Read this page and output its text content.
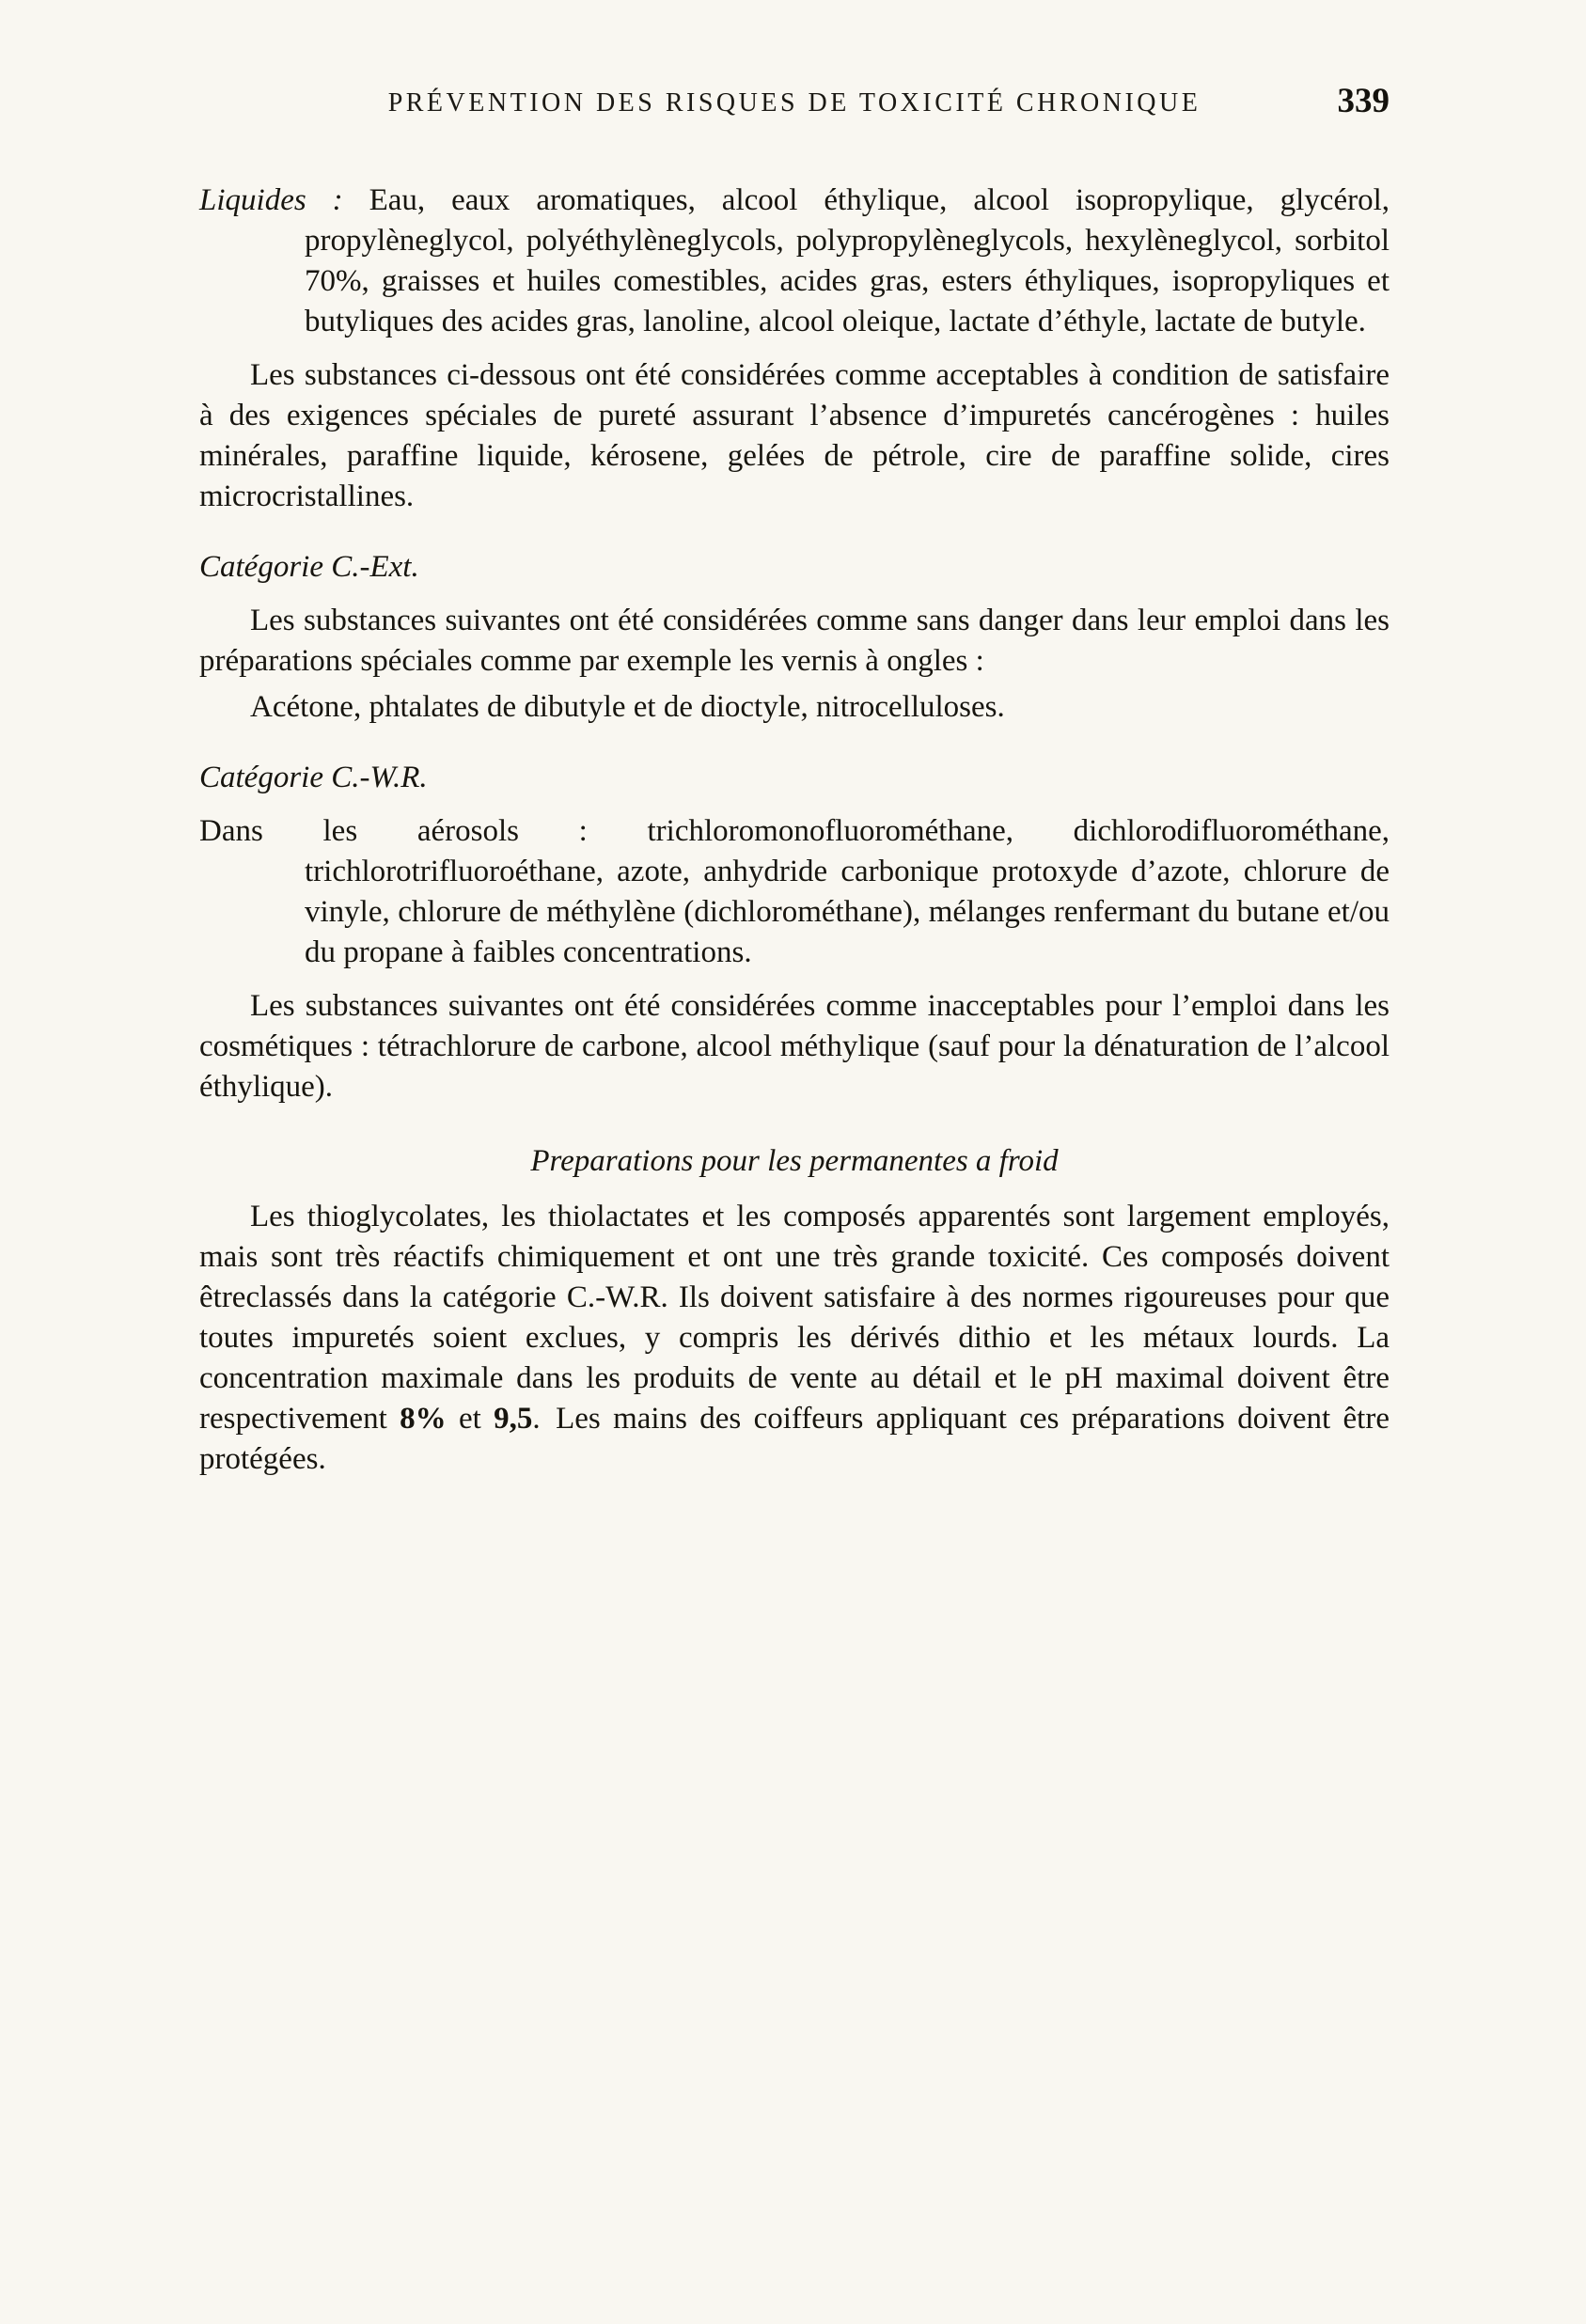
PRÉVENTION DES RISQUES DE TOXICITÉ CHRONIQUE	339

Liquides : Eau, eaux aromatiques, alcool éthylique, alcool isopropylique, glycérol, propylèneglycol, polyéthylèneglycols, polypropylèneglycols, hexylèneglycol, sorbitol 70%, graisses et huiles comestibles, acides gras, esters éthyliques, isopropyliques et butyliques des acides gras, lanoline, alcool oleique, lactate d’éthyle, lactate de butyle.

Les substances ci-dessous ont été considérées comme acceptables à condition de satisfaire à des exigences spéciales de pureté assurant l’absence d’impuretés cancérogènes : huiles minérales, paraffine liquide, kérosene, gelées de pétrole, cire de paraffine solide, cires microcristallines.

Catégorie C.-Ext.

Les substances suivantes ont été considérées comme sans danger dans leur emploi dans les préparations spéciales comme par exemple les vernis à ongles :

Acétone, phtalates de dibutyle et de dioctyle, nitrocelluloses.

Catégorie C.-W.R.

Dans les aérosols : trichloromonofluorométhane, dichlorodifluorométhane, trichlorotrifluoroéthane, azote, anhydride carbonique protoxyde d’azote, chlorure de vinyle, chlorure de méthylène (dichlorométhane), mélanges renfermant du butane et/ou du propane à faibles concentrations.

Les substances suivantes ont été considérées comme inacceptables pour l’emploi dans les cosmétiques : tétrachlorure de carbone, alcool méthylique (sauf pour la dénaturation de l’alcool éthylique).

Preparations pour les permanentes a froid

Les thioglycolates, les thiolactates et les composés apparentés sont largement employés, mais sont très réactifs chimiquement et ont une très grande toxicité. Ces composés doivent êtreclassés dans la catégorie C.-W.R. Ils doivent satisfaire à des normes rigoureuses pour que toutes impuretés soient exclues, y compris les dérivés dithio et les métaux lourds. La concentration maximale dans les produits de vente au détail et le pH maximal doivent être respectivement 8% et 9,5. Les mains des coiffeurs appliquant ces préparations doivent être protégées.
